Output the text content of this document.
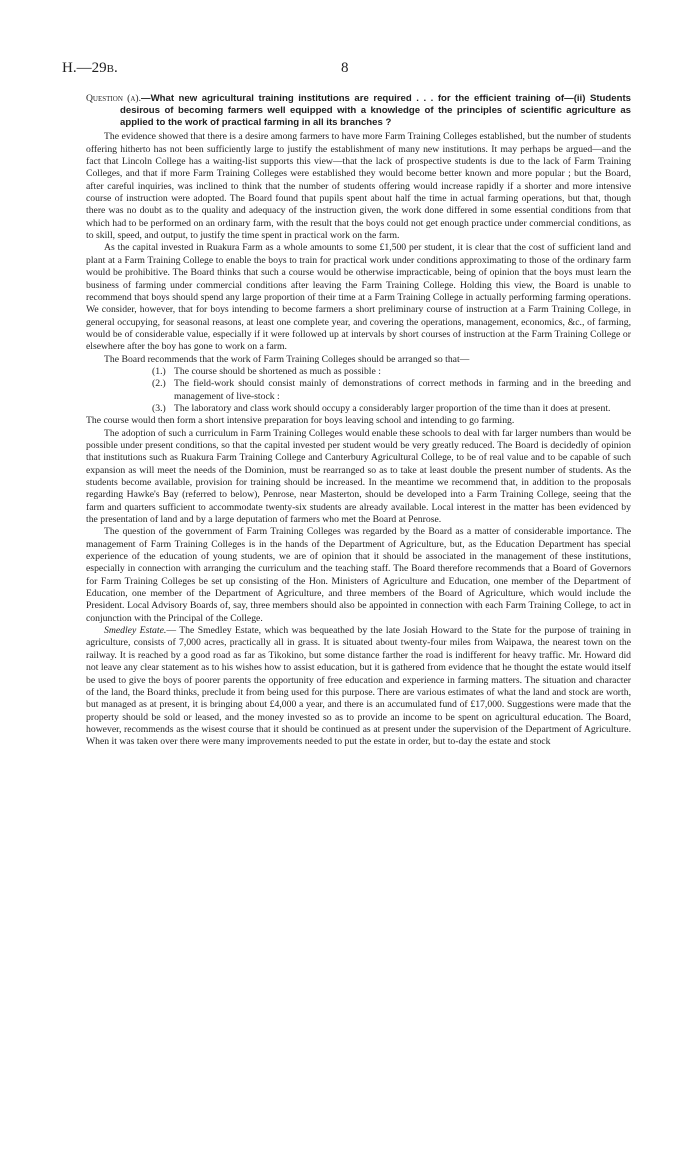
H.—29B.	8

Question (a).—What new agricultural training institutions are required . . . for the efficient training of—(ii) Students desirous of becoming farmers well equipped with a knowledge of the principles of scientific agriculture as applied to the work of practical farming in all its branches ?

The evidence showed that there is a desire among farmers to have more Farm Training Colleges established, but the number of students offering hitherto has not been sufficiently large to justify the establishment of many new institutions. It may perhaps be argued—and the fact that Lincoln College has a waiting-list supports this view—that the lack of prospective students is due to the lack of Farm Training Colleges, and that if more Farm Training Colleges were established they would become better known and more popular ; but the Board, after careful inquiries, was inclined to think that the number of students offering would increase rapidly if a shorter and more intensive course of instruction were adopted. The Board found that pupils spent about half the time in actual farming operations, but that, though there was no doubt as to the quality and adequacy of the instruction given, the work done differed in some essential conditions from that which had to be performed on an ordinary farm, with the result that the boys could not get enough practice under commercial conditions, as to skill, speed, and output, to justify the time spent in practical work on the farm.

As the capital invested in Ruakura Farm as a whole amounts to some £1,500 per student, it is clear that the cost of sufficient land and plant at a Farm Training College to enable the boys to train for practical work under conditions approximating to those of the ordinary farm would be prohibitive. The Board thinks that such a course would be otherwise impracticable, being of opinion that the boys must learn the business of farming under commercial conditions after leaving the Farm Training College. Holding this view, the Board is unable to recommend that boys should spend any large proportion of their time at a Farm Training College in actually performing farming operations. We consider, however, that for boys intending to become farmers a short preliminary course of instruction at a Farm Training College, in general occupying, for seasonal reasons, at least one complete year, and covering the operations, management, economics, &c., of farming, would be of considerable value, especially if it were followed up at intervals by short courses of instruction at the Farm Training College or elsewhere after the boy has gone to work on a farm.

The Board recommends that the work of Farm Training Colleges should be arranged so that—

(1.) The course should be shortened as much as possible :
(2.) The field-work should consist mainly of demonstrations of correct methods in farming and in the breeding and management of live-stock :
(3.) The laboratory and class work should occupy a considerably larger proportion of the time than it does at present.

The course would then form a short intensive preparation for boys leaving school and intending to go farming.

The adoption of such a curriculum in Farm Training Colleges would enable these schools to deal with far larger numbers than would be possible under present conditions, so that the capital invested per student would be very greatly reduced. The Board is decidedly of opinion that institutions such as Ruakura Farm Training College and Canterbury Agricultural College, to be of real value and to be capable of such expansion as will meet the needs of the Dominion, must be rearranged so as to take at least double the present number of students. As the students become available, provision for training should be increased. In the meantime we recommend that, in addition to the proposals regarding Hawke's Bay (referred to below), Penrose, near Masterton, should be developed into a Farm Training College, seeing that the farm and quarters sufficient to accommodate twenty-six students are already available. Local interest in the matter has been evidenced by the presentation of land and by a large deputation of farmers who met the Board at Penrose.

The question of the government of Farm Training Colleges was regarded by the Board as a matter of considerable importance. The management of Farm Training Colleges is in the hands of the Department of Agriculture, but, as the Education Department has special experience of the education of young students, we are of opinion that it should be associated in the management of these institutions, especially in connection with arranging the curriculum and the teaching staff. The Board therefore recommends that a Board of Governors for Farm Training Colleges be set up consisting of the Hon. Ministers of Agriculture and Education, one member of the Department of Education, one member of the Department of Agriculture, and three members of the Board of Agriculture, which would include the President. Local Advisory Boards of, say, three members should also be appointed in connection with each Farm Training College, to act in conjunction with the Principal of the College.

Smedley Estate.— The Smedley Estate, which was bequeathed by the late Josiah Howard to the State for the purpose of training in agriculture, consists of 7,000 acres, practically all in grass. It is situated about twenty-four miles from Waipawa, the nearest town on the railway. It is reached by a good road as far as Tikokino, but some distance farther the road is indifferent for heavy traffic. Mr. Howard did not leave any clear statement as to his wishes how to assist education, but it is gathered from evidence that he thought the estate would itself be used to give the boys of poorer parents the opportunity of free education and experience in farming matters. The situation and character of the land, the Board thinks, preclude it from being used for this purpose. There are various estimates of what the land and stock are worth, but managed as at present, it is bringing about £4,000 a year, and there is an accumulated fund of £17,000. Suggestions were made that the property should be sold or leased, and the money invested so as to provide an income to be spent on agricultural education. The Board, however, recommends as the wisest course that it should be continued as at present under the supervision of the Department of Agriculture. When it was taken over there were many improvements needed to put the estate in order, but to-day the estate and stock
